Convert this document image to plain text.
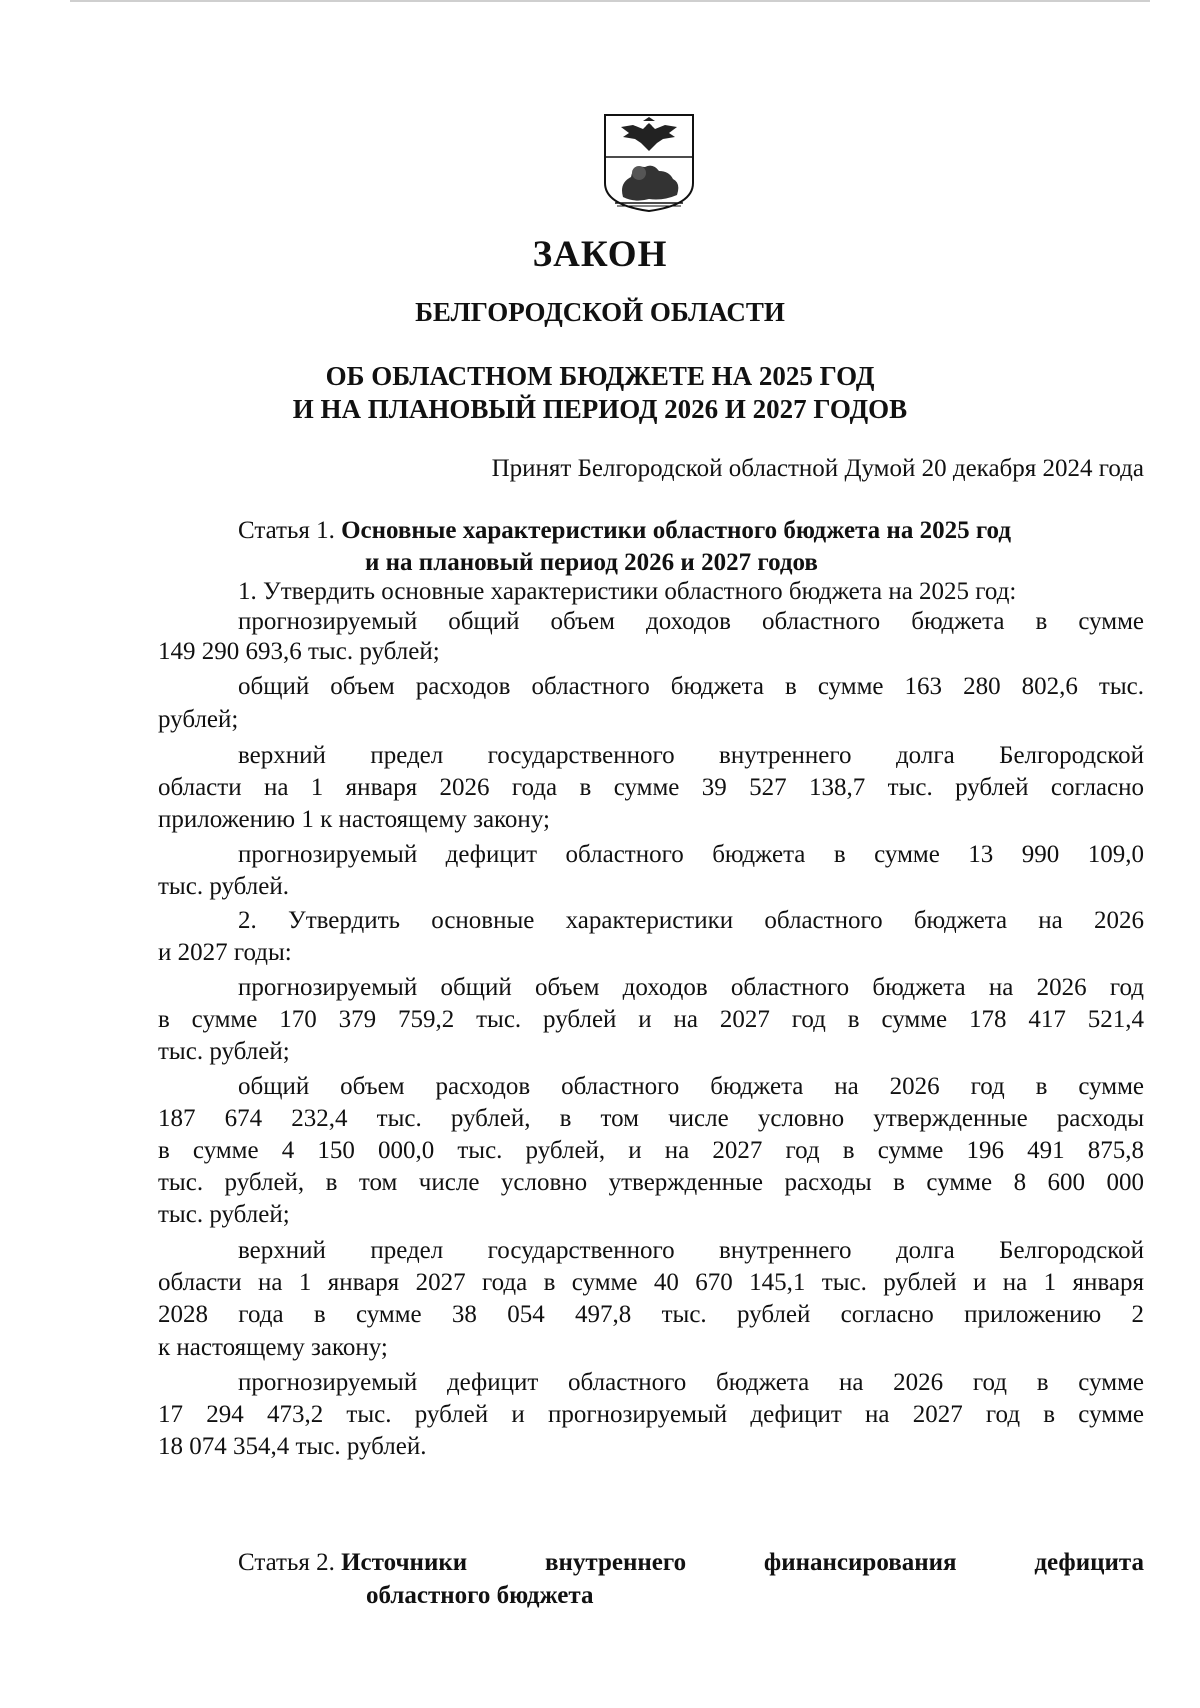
ЗАКОН
БЕЛГОРОДСКОЙ ОБЛАСТИ
ОБ ОБЛАСТНОМ БЮДЖЕТЕ НА 2025 ГОД
И НА ПЛАНОВЫЙ ПЕРИОД 2026 И 2027 ГОДОВ
Принят Белгородской областной Думой 20 декабря 2024 года
Статья 1. Основные характеристики областного бюджета на 2025 год
и на плановый период 2026 и 2027 годов
1. Утвердить основные характеристики областного бюджета на 2025 год:
прогнозируемый общий объем доходов областного бюджета в сумме
149 290 693,6 тыс. рублей;
общий объем расходов областного бюджета в сумме 163 280 802,6 тыс.
рублей;
верхний предел государственного внутреннего долга Белгородской
области на 1 января 2026 года в сумме 39 527 138,7 тыс. рублей согласно
приложению 1 к настоящему закону;
прогнозируемый дефицит областного бюджета в сумме 13 990 109,0
тыс. рублей.
2. Утвердить основные характеристики областного бюджета на 2026
и 2027 годы:
прогнозируемый общий объем доходов областного бюджета на 2026 год
в сумме 170 379 759,2 тыс. рублей и на 2027 год в сумме 178 417 521,4
тыс. рублей;
общий объем расходов областного бюджета на 2026 год в сумме
187 674 232,4 тыс. рублей, в том числе условно утвержденные расходы
в сумме 4 150 000,0 тыс. рублей, и на 2027 год в сумме 196 491 875,8
тыс. рублей, в том числе условно утвержденные расходы в сумме 8 600 000
тыс. рублей;
верхний предел государственного внутреннего долга Белгородской
области на 1 января 2027 года в сумме 40 670 145,1 тыс. рублей и на 1 января
2028 года в сумме 38 054 497,8 тыс. рублей согласно приложению 2
к настоящему закону;
прогнозируемый дефицит областного бюджета на 2026 год в сумме
17 294 473,2 тыс. рублей и прогнозируемый дефицит на 2027 год в сумме
18 074 354,4 тыс. рублей.
Статья 2. Источники	внутреннего	финансирования	дефицита
областного бюджета
